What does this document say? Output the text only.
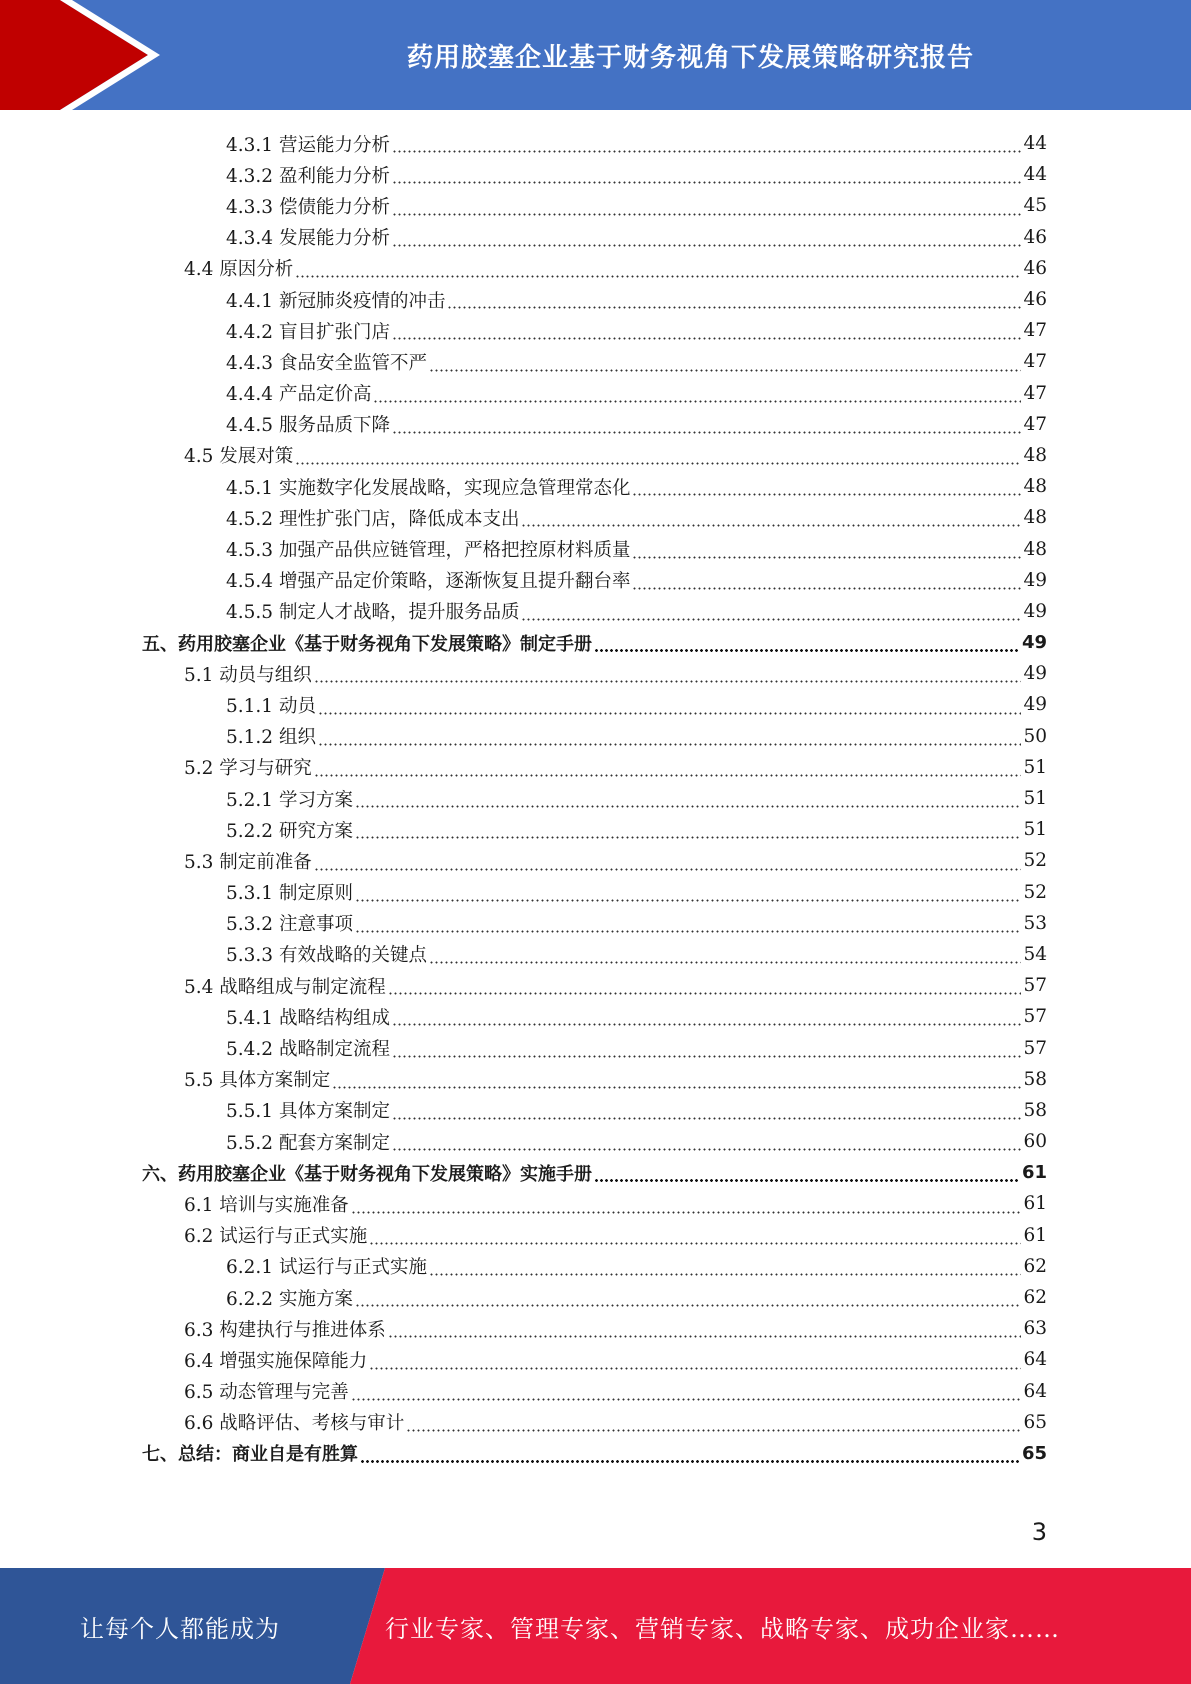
药用胶塞企业基于财务视角下发展策略研究报告
4.3.1 营运能力分析	44
4.3.2 盈利能力分析	44
4.3.3 偿债能力分析	45
4.3.4 发展能力分析	46
4.4 原因分析	46
4.4.1 新冠肺炎疫情的冲击	46
4.4.2 盲目扩张门店	47
4.4.3 食品安全监管不严	47
4.4.4 产品定价高	47
4.4.5 服务品质下降	47
4.5 发展对策	48
4.5.1 实施数字化发展战略，实现应急管理常态化	48
4.5.2 理性扩张门店，降低成本支出	48
4.5.3 加强产品供应链管理，严格把控原材料质量	48
4.5.4 增强产品定价策略，逐渐恢复且提升翻台率	49
4.5.5 制定人才战略，提升服务品质	49
五、药用胶塞企业《基于财务视角下发展策略》制定手册	49
5.1 动员与组织	49
5.1.1 动员	49
5.1.2 组织	50
5.2 学习与研究	51
5.2.1 学习方案	51
5.2.2 研究方案	51
5.3 制定前准备	52
5.3.1 制定原则	52
5.3.2 注意事项	53
5.3.3 有效战略的关键点	54
5.4 战略组成与制定流程	57
5.4.1 战略结构组成	57
5.4.2 战略制定流程	57
5.5 具体方案制定	58
5.5.1 具体方案制定	58
5.5.2 配套方案制定	60
六、药用胶塞企业《基于财务视角下发展策略》实施手册	61
6.1 培训与实施准备	61
6.2 试运行与正式实施	61
6.2.1 试运行与正式实施	62
6.2.2 实施方案	62
6.3 构建执行与推进体系	63
6.4 增强实施保障能力	64
6.5 动态管理与完善	64
6.6 战略评估、考核与审计	65
七、总结：商业自是有胜算	65
3
让每个人都能成为	行业专家、管理专家、营销专家、战略专家、成功企业家……
